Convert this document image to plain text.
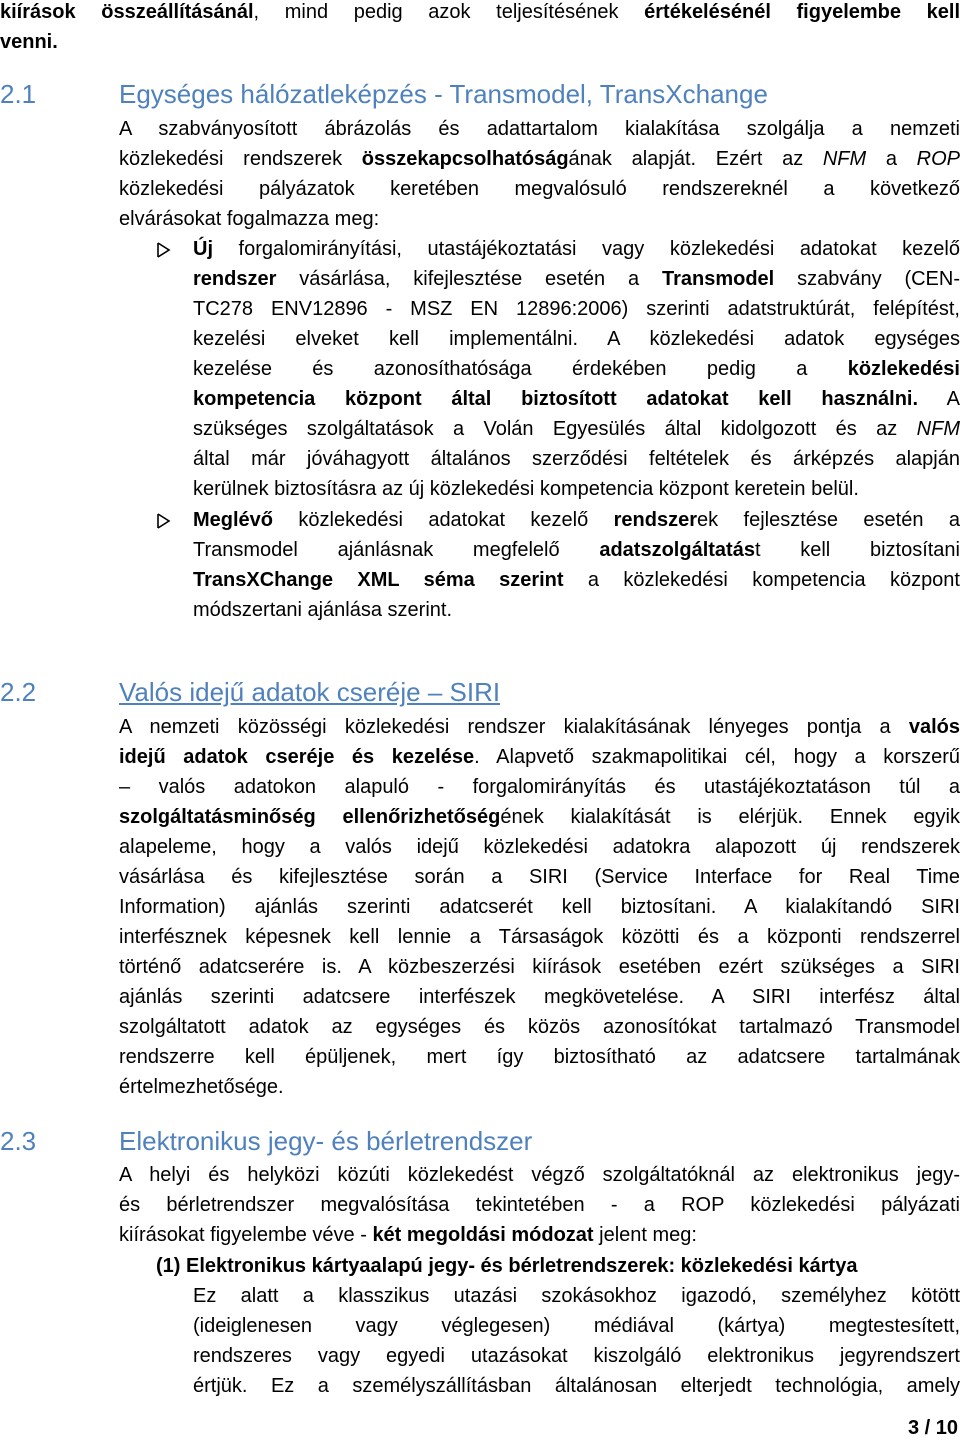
kiírások összeállításánál, mind pedig azok teljesítésének értékelésénél figyelembe kell
venni.
2.1	Egységes hálózatleképzés - Transmodel, TransXchange
A szabványosított ábrázolás és adattartalom kialakítása szolgálja a nemzeti
közlekedési rendszerek összekapcsolhatóságának alapját. Ezért az NFM a ROP
közlekedési pályázatok keretében megvalósuló rendszereknél a következő
elvárásokat fogalmazza meg:
Új forgalomirányítási, utastájékoztatási vagy közlekedési adatokat kezelő
rendszer vásárlása, kifejlesztése esetén a Transmodel szabvány (CEN-
TC278 ENV12896 - MSZ EN 12896:2006) szerinti adatstruktúrát, felépítést,
kezelési elveket kell implementálni. A közlekedési adatok egységes
kezelése és azonosíthatósága érdekében pedig a közlekedési
kompetencia központ által biztosított adatokat kell használni. A
szükséges szolgáltatások a Volán Egyesülés által kidolgozott és az NFM
által már jóváhagyott általános szerződési feltételek és árképzés alapján
kerülnek biztosításra az új közlekedési kompetencia központ keretein belül.
Meglévő közlekedési adatokat kezelő rendszerek fejlesztése esetén a
Transmodel ajánlásnak megfelelő adatszolgáltatást kell biztosítani
TransXChange XML séma szerint a közlekedési kompetencia központ
módszertani ajánlása szerint.
2.2	Valós idejű adatok cseréje – SIRI
A nemzeti közösségi közlekedési rendszer kialakításának lényeges pontja a valós
idejű adatok cseréje és kezelése. Alapvető szakmapolitikai cél, hogy a korszerű
– valós adatokon alapuló - forgalomirányítás és utastájékoztatáson túl a
szolgáltatásminőség ellenőrizhetőségének kialakítását is elérjük. Ennek egyik
alapeleme, hogy a valós idejű közlekedési adatokra alapozott új rendszerek
vásárlása és kifejlesztése során a SIRI (Service Interface for Real Time
Information) ajánlás szerinti adatcserét kell biztosítani. A kialakítandó SIRI
interfésznek képesnek kell lennie a Társaságok közötti és a központi rendszerrel
történő adatcserére is. A közbeszerzési kiírások esetében ezért szükséges a SIRI
ajánlás szerinti adatcsere interfészek megkövetelése. A SIRI interfész által
szolgáltatott adatok az egységes és közös azonosítókat tartalmazó Transmodel
rendszerre kell épüljenek, mert így biztosítható az adatcsere tartalmának
értelmezhetősége.
2.3	Elektronikus jegy- és bérletrendszer
A helyi és helyközi közúti közlekedést végző szolgáltatóknál az elektronikus jegy-
és bérletrendszer megvalósítása tekintetében - a ROP közlekedési pályázati
kiírásokat figyelembe véve - két megoldási módozat jelent meg:
(1) Elektronikus kártyaalapú jegy- és bérletrendszerek: közlekedési kártya
Ez alatt a klasszikus utazási szokásokhoz igazodó, személyhez kötött
(ideiglenesen vagy véglegesen) médiával (kártya) megtestesített,
rendszeres vagy egyedi utazásokat kiszolgáló elektronikus jegyrendszert
értjük. Ez a személyszállításban általánosan elterjedt technológia, amely
3 / 10
